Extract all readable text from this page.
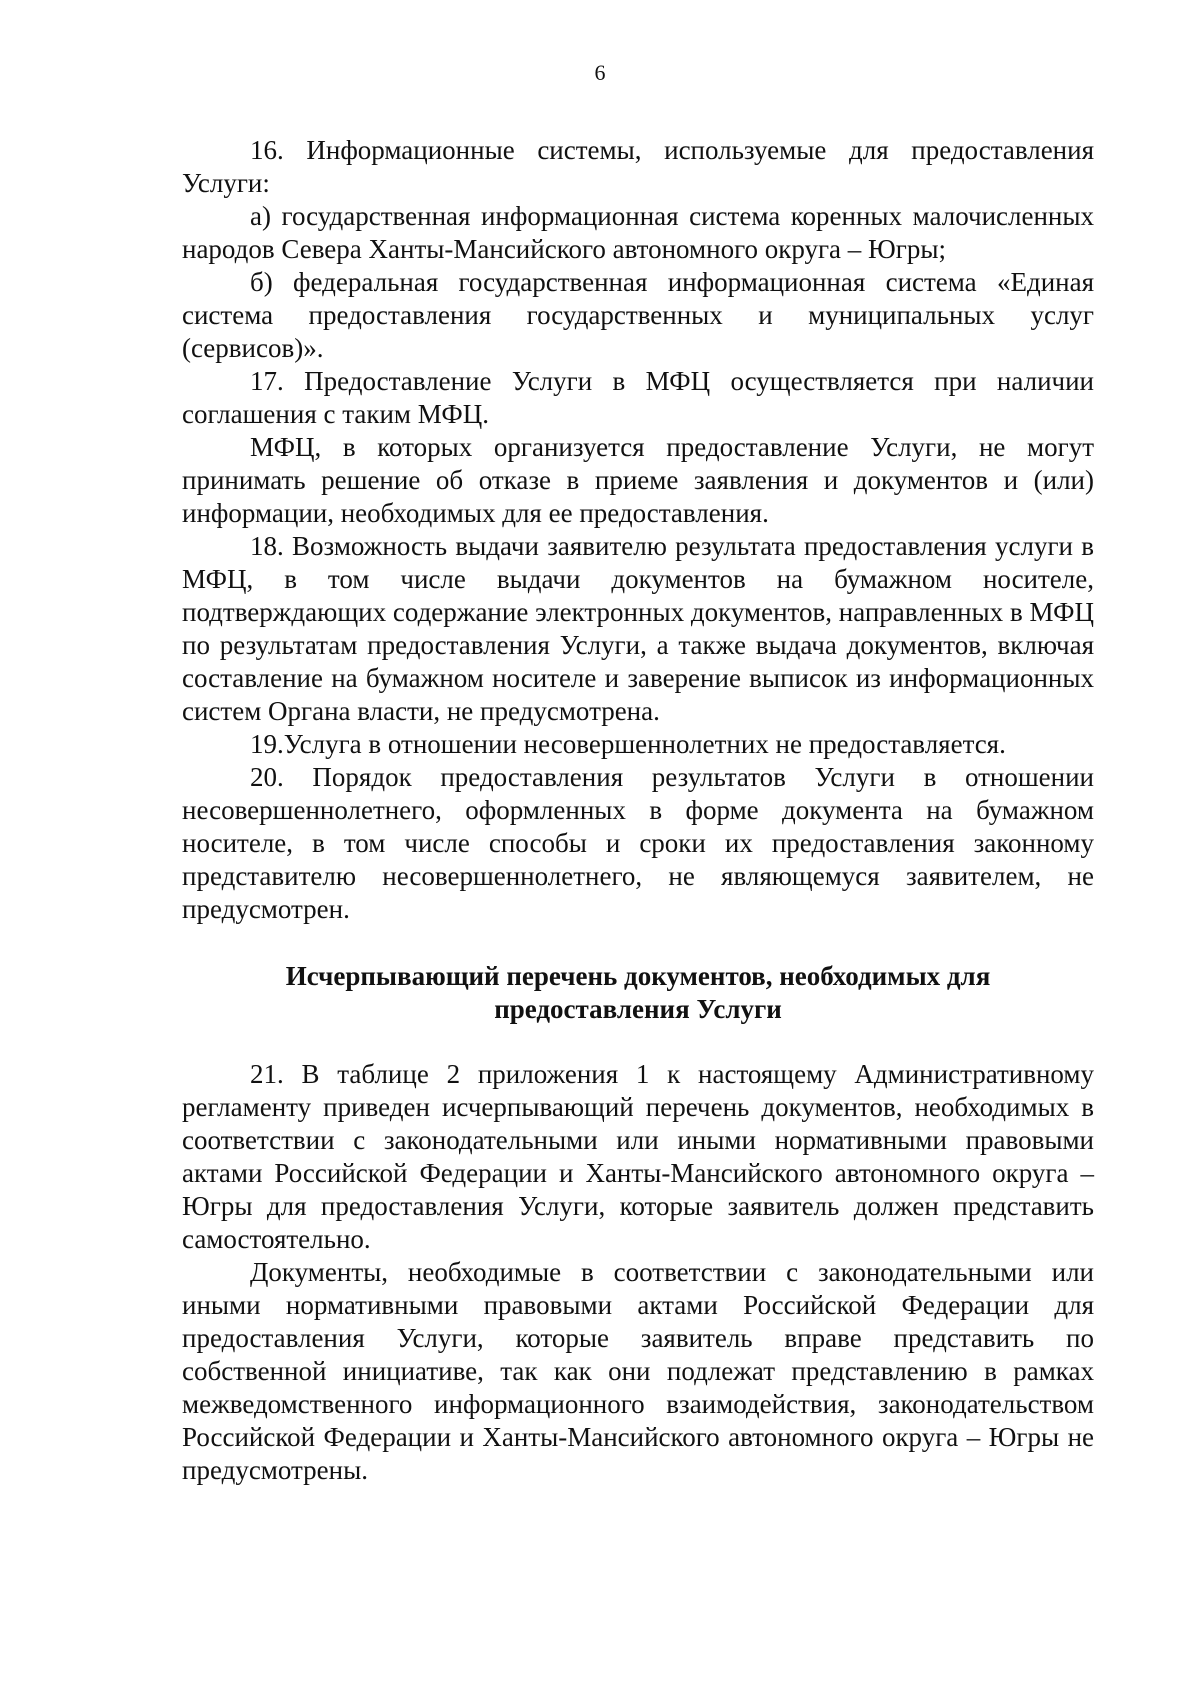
6

16. Информационные системы, используемые для предоставления Услуги:

а) государственная информационная система коренных малочисленных народов Севера Ханты-Мансийского автономного округа – Югры;

б) федеральная государственная информационная система «Единая система предоставления государственных и муниципальных услуг (сервисов)».

17. Предоставление Услуги в МФЦ осуществляется при наличии соглашения с таким МФЦ.

МФЦ, в которых организуется предоставление Услуги, не могут принимать решение об отказе в приеме заявления и документов и (или) информации, необходимых для ее предоставления.

18. Возможность выдачи заявителю результата предоставления услуги в МФЦ, в том числе выдачи документов на бумажном носителе, подтверждающих содержание электронных документов, направленных в МФЦ по результатам предоставления Услуги, а также выдача документов, включая составление на бумажном носителе и заверение выписок из информационных систем Органа власти, не предусмотрена.

19.Услуга в отношении несовершеннолетних не предоставляется.

20. Порядок предоставления результатов Услуги в отношении несовершеннолетнего, оформленных в форме документа на бумажном носителе, в том числе способы и сроки их предоставления законному представителю несовершеннолетнего, не являющемуся заявителем, не предусмотрен.

Исчерпывающий перечень документов, необходимых для
предоставления Услуги

21. В таблице 2 приложения 1 к настоящему Административному регламенту приведен исчерпывающий перечень документов, необходимых в соответствии с законодательными или иными нормативными правовыми актами Российской Федерации и Ханты-Мансийского автономного округа – Югры для предоставления Услуги, которые заявитель должен представить самостоятельно.

Документы, необходимые в соответствии с законодательными или иными нормативными правовыми актами Российской Федерации для предоставления Услуги, которые заявитель вправе представить по собственной инициативе, так как они подлежат представлению в рамках межведомственного информационного взаимодействия, законодательством Российской Федерации и Ханты-Мансийского автономного округа – Югры не предусмотрены.
